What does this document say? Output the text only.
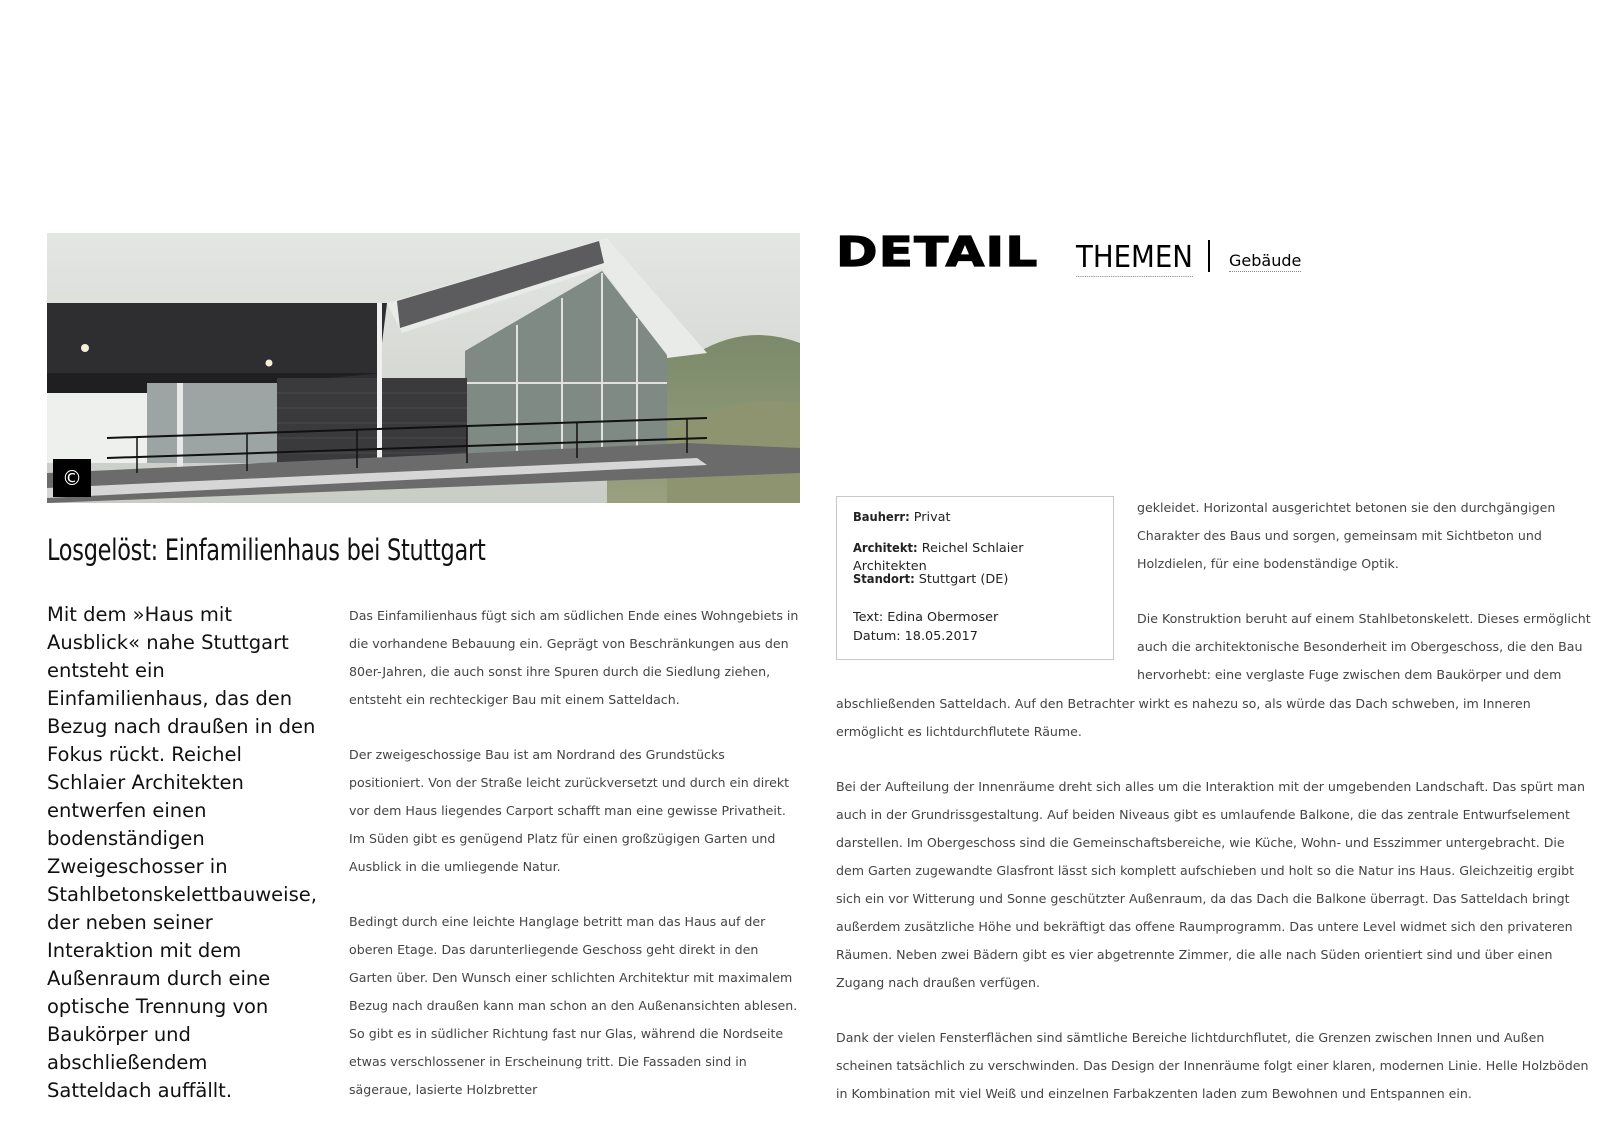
©
Losgelöst: Einfamilienhaus bei Stuttgart

Mit dem »Haus mit Ausblick« nahe Stuttgart entsteht ein Einfamilienhaus, das den Bezug nach draußen in den Fokus rückt. Reichel Schlaier Architekten entwerfen einen bodenständigen Zweigeschosser in Stahlbetonskelettbauweise, der neben seiner Interaktion mit dem Außenraum durch eine optische Trennung von Baukörper und abschließendem Satteldach auffällt.

Das Einfamilienhaus fügt sich am südlichen Ende eines Wohngebiets in die vorhandene Bebauung ein. Geprägt von Beschränkungen aus den 80er-Jahren, die auch sonst ihre Spuren durch die Siedlung ziehen, entsteht ein rechteckiger Bau mit einem Satteldach.

Der zweigeschossige Bau ist am Nordrand des Grundstücks positioniert. Von der Straße leicht zurückversetzt und durch ein direkt vor dem Haus liegendes Carport schafft man eine gewisse Privatheit. Im Süden gibt es genügend Platz für einen großzügigen Garten und Ausblick in die umliegende Natur.

Bedingt durch eine leichte Hanglage betritt man das Haus auf der oberen Etage. Das darunterliegende Geschoss geht direkt in den Garten über. Den Wunsch einer schlichten Architektur mit maximalem Bezug nach draußen kann man schon an den Außenansichten ablesen. So gibt es in südlicher Richtung fast nur Glas, während die Nordseite etwas verschlossener in Erscheinung tritt. Die Fassaden sind in sägeraue, lasierte Holzbretter

DETAIL THEMEN Gebäude

Bauherr: Privat

Architekt: Reichel Schlaier Architekten

Standort: Stuttgart (DE)

Text: Edina Obermoser

Datum: 18.05.2017

gekleidet. Horizontal ausgerichtet betonen sie den durchgängigen Charakter des Baus und sorgen, gemeinsam mit Sichtbeton und Holzdielen, für eine bodenständige Optik.

Die Konstruktion beruht auf einem Stahlbetonskelett. Dieses ermöglicht auch die architektonische Besonderheit im Obergeschoss, die den Bau hervorhebt: eine verglaste Fuge zwischen dem Baukörper und dem

abschließenden Satteldach. Auf den Betrachter wirkt es nahezu so, als würde das Dach schweben, im Inneren ermöglicht es lichtdurchflutete Räume.

Bei der Aufteilung der Innenräume dreht sich alles um die Interaktion mit der umgebenden Landschaft. Das spürt man auch in der Grundrissgestaltung. Auf beiden Niveaus gibt es umlaufende Balkone, die das zentrale Entwurfselement darstellen. Im Obergeschoss sind die Gemeinschaftsbereiche, wie Küche, Wohn- und Esszimmer untergebracht. Die dem Garten zugewandte Glasfront lässt sich komplett aufschieben und holt so die Natur ins Haus. Gleichzeitig ergibt sich ein vor Witterung und Sonne geschützter Außenraum, da das Dach die Balkone überragt. Das Satteldach bringt außerdem zusätzliche Höhe und bekräftigt das offene Raumprogramm. Das untere Level widmet sich den privateren Räumen. Neben zwei Bädern gibt es vier abgetrennte Zimmer, die alle nach Süden orientiert sind und über einen Zugang nach draußen verfügen.

Dank der vielen Fensterflächen sind sämtliche Bereiche lichtdurchflutet, die Grenzen zwischen Innen und Außen scheinen tatsächlich zu verschwinden. Das Design der Innenräume folgt einer klaren, modernen Linie. Helle Holzböden in Kombination mit viel Weiß und einzelnen Farbakzenten laden zum Bewohnen und Entspannen ein.
